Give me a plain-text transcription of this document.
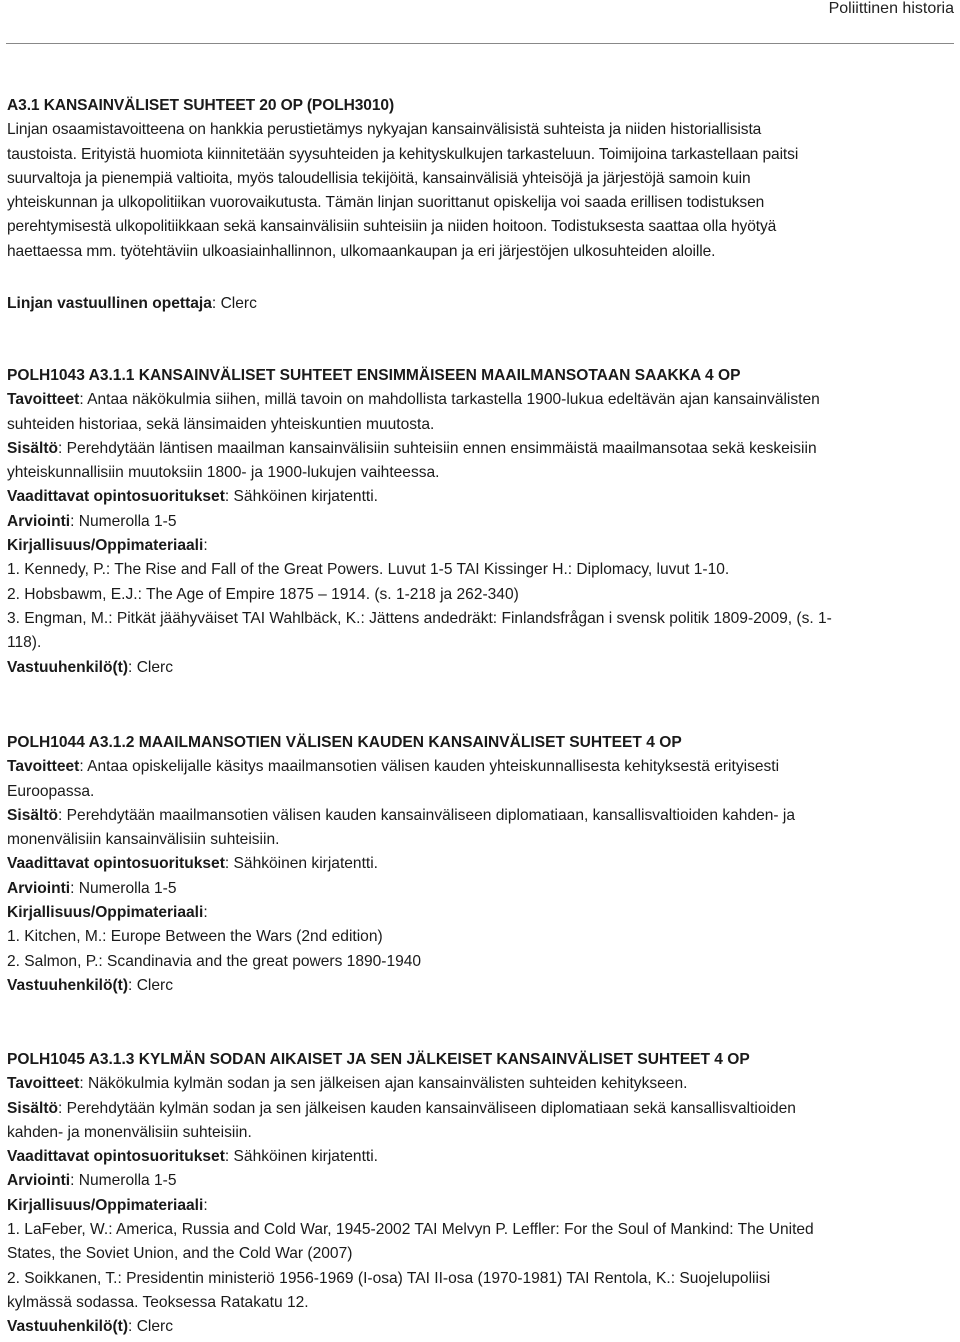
Poliittinen historia
A3.1 KANSAINVÄLISET SUHTEET 20 OP (POLH3010)
Linjan osaamistavoitteena on hankkia perustietämys nykyajan kansainvälisistä suhteista ja niiden historiallisista
taustoista. Erityistä huomiota kiinnitetään syysuhteiden ja kehityskulkujen tarkasteluun. Toimijoina tarkastellaan paitsi
suurvaltoja ja pienempiä valtioita, myös taloudellisia tekijöitä, kansainvälisiä yhteisöjä ja järjestöjä samoin kuin
yhteiskunnan ja ulkopolitiikan vuorovaikutusta. Tämän linjan suorittanut opiskelija voi saada erillisen todistuksen
perehtymisestä ulkopolitiikkaan sekä kansainvälisiin suhteisiin ja niiden hoitoon. Todistuksesta saattaa olla hyötyä
haettaessa mm. työtehtäviin ulkoasiainhallinnon, ulkomaankaupan ja eri järjestöjen ulkosuhteiden aloille.
Linjan vastuullinen opettaja: Clerc
POLH1043 A3.1.1 KANSAINVÄLISET SUHTEET ENSIMMÄISEEN MAAILMANSOTAAN SAAKKA 4 OP
Tavoitteet: Antaa näkökulmia siihen, millä tavoin on mahdollista tarkastella 1900-lukua edeltävän ajan kansainvälisten
suhteiden historiaa, sekä länsimaiden yhteiskuntien muutosta.
Sisältö: Perehdytään läntisen maailman kansainvälisiin suhteisiin ennen ensimmäistä maailmansotaa sekä keskeisiin
yhteiskunnallisiin muutoksiin 1800- ja 1900-lukujen vaihteessa.
Vaadittavat opintosuoritukset: Sähköinen kirjatentti.
Arviointi: Numerolla 1-5
Kirjallisuus/Oppimateriaali:
1. Kennedy, P.: The Rise and Fall of the Great Powers. Luvut 1-5 TAI Kissinger H.: Diplomacy, luvut 1-10.
2. Hobsbawm, E.J.: The Age of Empire 1875 – 1914. (s. 1-218 ja 262-340)
3. Engman, M.: Pitkät jäähyväiset TAI Wahlbäck, K.: Jättens andedräkt: Finlandsfrågan i svensk politik 1809-2009, (s. 1-
118).
Vastuuhenkilö(t): Clerc
POLH1044 A3.1.2 MAAILMANSOTIEN VÄLISEN KAUDEN KANSAINVÄLISET SUHTEET 4 OP
Tavoitteet: Antaa opiskelijalle käsitys maailmansotien välisen kauden yhteiskunnallisesta kehityksestä erityisesti
Euroopassa.
Sisältö: Perehdytään maailmansotien välisen kauden kansainväliseen diplomatiaan, kansallisvaltioiden kahden- ja
monenvälisiin kansainvälisiin suhteisiin.
Vaadittavat opintosuoritukset: Sähköinen kirjatentti.
Arviointi: Numerolla 1-5
Kirjallisuus/Oppimateriaali:
1. Kitchen, M.: Europe Between the Wars (2nd edition)
2. Salmon, P.: Scandinavia and the great powers 1890-1940
Vastuuhenkilö(t): Clerc
POLH1045 A3.1.3 KYLMÄN SODAN AIKAISET JA SEN JÄLKEISET KANSAINVÄLISET SUHTEET 4 OP
Tavoitteet: Näkökulmia kylmän sodan ja sen jälkeisen ajan kansainvälisten suhteiden kehitykseen.
Sisältö: Perehdytään kylmän sodan ja sen jälkeisen kauden kansainväliseen diplomatiaan sekä kansallisvaltioiden
kahden- ja monenvälisiin suhteisiin.
Vaadittavat opintosuoritukset: Sähköinen kirjatentti.
Arviointi: Numerolla 1-5
Kirjallisuus/Oppimateriaali:
1. LaFeber, W.: America, Russia and Cold War, 1945-2002 TAI Melvyn P. Leffler: For the Soul of Mankind: The United
States, the Soviet Union, and the Cold War (2007)
2. Soikkanen, T.: Presidentin ministeriö 1956-1969 (I-osa) TAI II-osa (1970-1981) TAI Rentola, K.: Suojelupoliisi
kylmässä sodassa. Teoksessa Ratakatu 12.
Vastuuhenkilö(t): Clerc
